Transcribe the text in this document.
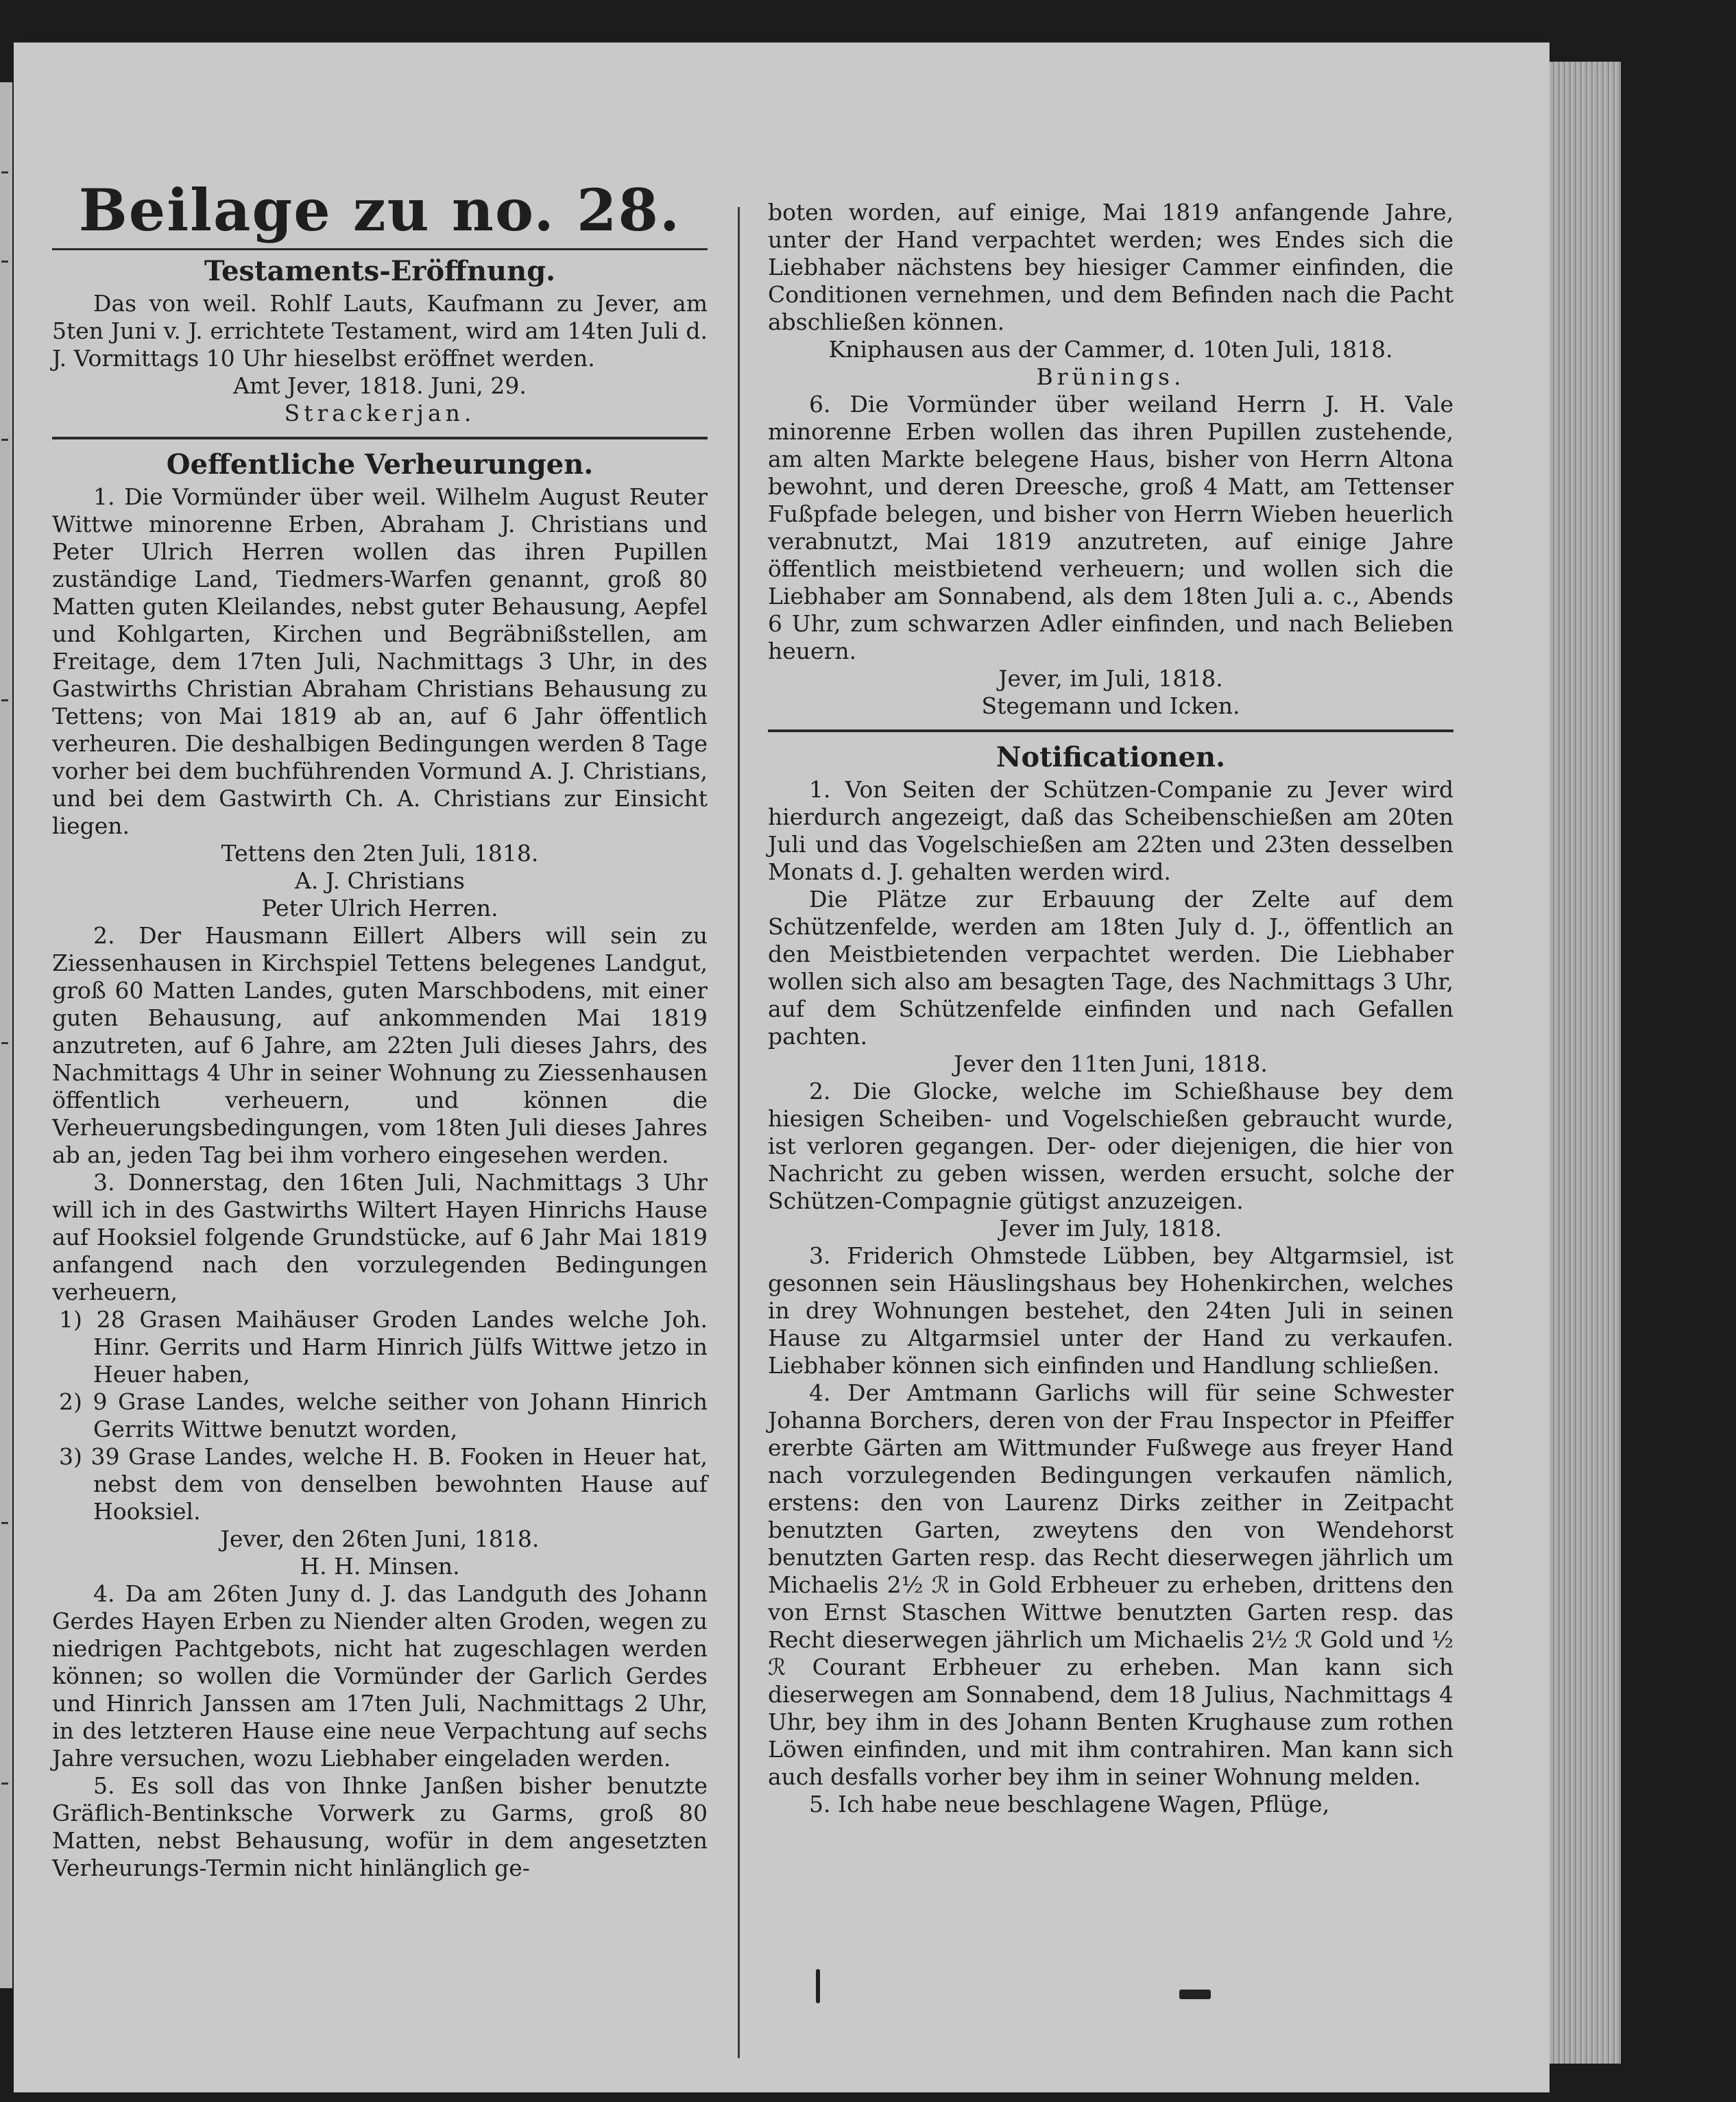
Beilage zu no. 28.
Testaments-Eröffnung.

Das von weil. Rohlf Lauts, Kaufmann zu Jever, am 5ten Juni v. J. errichtete Testament, wird am 14ten Juli d. J. Vormittags 10 Uhr hieselbst eröffnet werden.

Amt Jever, 1818. Juni, 29.

Strackerjan.

Oeffentliche Verheurungen.

1. Die Vormünder über weil. Wilhelm August Reuter Wittwe minorenne Erben, Abraham J. Christians und Peter Ulrich Herren wollen das ihren Pupillen zuständige Land, Tiedmers-Warfen genannt, groß 80 Matten guten Kleilandes, nebst guter Behausung, Aepfel und Kohlgarten, Kirchen und Begräbnißstellen, am Freitage, dem 17ten Juli, Nachmittags 3 Uhr, in des Gastwirths Christian Abraham Christians Behausung zu Tettens; von Mai 1819 ab an, auf 6 Jahr öffentlich verheuren. Die deshalbigen Bedingungen werden 8 Tage vorher bei dem buchführenden Vormund A. J. Christians, und bei dem Gastwirth Ch. A. Christians zur Einsicht liegen.

Tettens den 2ten Juli, 1818.

A. J. Christians

Peter Ulrich Herren.

2. Der Hausmann Eillert Albers will sein zu Ziessenhausen in Kirchspiel Tettens belegenes Landgut, groß 60 Matten Landes, guten Marschbodens, mit einer guten Behausung, auf ankommenden Mai 1819 anzutreten, auf 6 Jahre, am 22ten Juli dieses Jahrs, des Nachmittags 4 Uhr in seiner Wohnung zu Ziessenhausen öffentlich verheuern, und können die Verheuerungsbedingungen, vom 18ten Juli dieses Jahres ab an, jeden Tag bei ihm vorhero eingesehen werden.

3. Donnerstag, den 16ten Juli, Nachmittags 3 Uhr will ich in des Gastwirths Wiltert Hayen Hinrichs Hause auf Hooksiel folgende Grundstücke, auf 6 Jahr Mai 1819 anfangend nach den vorzulegenden Bedingungen verheuern,

1) 28 Grasen Maihäuser Groden Landes welche Joh. Hinr. Gerrits und Harm Hinrich Jülfs Wittwe jetzo in Heuer haben,

2) 9 Grase Landes, welche seither von Johann Hinrich Gerrits Wittwe benutzt worden,

3) 39 Grase Landes, welche H. B. Fooken in Heuer hat, nebst dem von denselben bewohnten Hause auf Hooksiel.

Jever, den 26ten Juni, 1818.

H. H. Minsen.

4. Da am 26ten Juny d. J. das Landguth des Johann Gerdes Hayen Erben zu Niender alten Groden, wegen zu niedrigen Pachtgebots, nicht hat zugeschlagen werden können; so wollen die Vormünder der Garlich Gerdes und Hinrich Janssen am 17ten Juli, Nachmittags 2 Uhr, in des letzteren Hause eine neue Verpachtung auf sechs Jahre versuchen, wozu Liebhaber eingeladen werden.

5. Es soll das von Ihnke Janßen bisher benutzte Gräflich-Bentinksche Vorwerk zu Garms, groß 80 Matten, nebst Behausung, wofür in dem angesetzten Verheurungs-Termin nicht hinlänglich ge-

boten worden, auf einige, Mai 1819 anfangende Jahre, unter der Hand verpachtet werden; wes Endes sich die Liebhaber nächstens bey hiesiger Cammer einfinden, die Conditionen vernehmen, und dem Befinden nach die Pacht abschließen können.

Kniphausen aus der Cammer, d. 10ten Juli, 1818.

Brünings.

6. Die Vormünder über weiland Herrn J. H. Vale minorenne Erben wollen das ihren Pupillen zustehende, am alten Markte belegene Haus, bisher von Herrn Altona bewohnt, und deren Dreesche, groß 4 Matt, am Tettenser Fußpfade belegen, und bisher von Herrn Wieben heuerlich verabnutzt, Mai 1819 anzutreten, auf einige Jahre öffentlich meistbietend verheuern; und wollen sich die Liebhaber am Sonnabend, als dem 18ten Juli a. c., Abends 6 Uhr, zum schwarzen Adler einfinden, und nach Belieben heuern.

Jever, im Juli, 1818.

Stegemann und Icken.

Notificationen.

1. Von Seiten der Schützen-Companie zu Jever wird hierdurch angezeigt, daß das Scheibenschießen am 20ten Juli und das Vogelschießen am 22ten und 23ten desselben Monats d. J. gehalten werden wird.

Die Plätze zur Erbauung der Zelte auf dem Schützenfelde, werden am 18ten July d. J., öffentlich an den Meistbietenden verpachtet werden. Die Liebhaber wollen sich also am besagten Tage, des Nachmittags 3 Uhr, auf dem Schützenfelde einfinden und nach Gefallen pachten.

Jever den 11ten Juni, 1818.

2. Die Glocke, welche im Schießhause bey dem hiesigen Scheiben- und Vogelschießen gebraucht wurde, ist verloren gegangen. Der- oder diejenigen, die hier von Nachricht zu geben wissen, werden ersucht, solche der Schützen-Compagnie gütigst anzuzeigen.

Jever im July, 1818.

3. Friderich Ohmstede Lübben, bey Altgarmsiel, ist gesonnen sein Häuslingshaus bey Hohenkirchen, welches in drey Wohnungen bestehet, den 24ten Juli in seinen Hause zu Altgarmsiel unter der Hand zu verkaufen. Liebhaber können sich einfinden und Handlung schließen.

4. Der Amtmann Garlichs will für seine Schwester Johanna Borchers, deren von der Frau Inspector in Pfeiffer ererbte Gärten am Wittmunder Fußwege aus freyer Hand nach vorzulegenden Bedingungen verkaufen nämlich, erstens: den von Laurenz Dirks zeither in Zeitpacht benutzten Garten, zweytens den von Wendehorst benutzten Garten resp. das Recht dieserwegen jährlich um Michaelis 2½ ℛ in Gold Erbheuer zu erheben, drittens den von Ernst Staschen Wittwe benutzten Garten resp. das Recht dieserwegen jährlich um Michaelis 2½ ℛ Gold und ½ ℛ Courant Erbheuer zu erheben. Man kann sich dieserwegen am Sonnabend, dem 18 Julius, Nachmittags 4 Uhr, bey ihm in des Johann Benten Krughause zum rothen Löwen einfinden, und mit ihm contrahiren. Man kann sich auch desfalls vorher bey ihm in seiner Wohnung melden.

5. Ich habe neue beschlagene Wagen, Pflüge,
